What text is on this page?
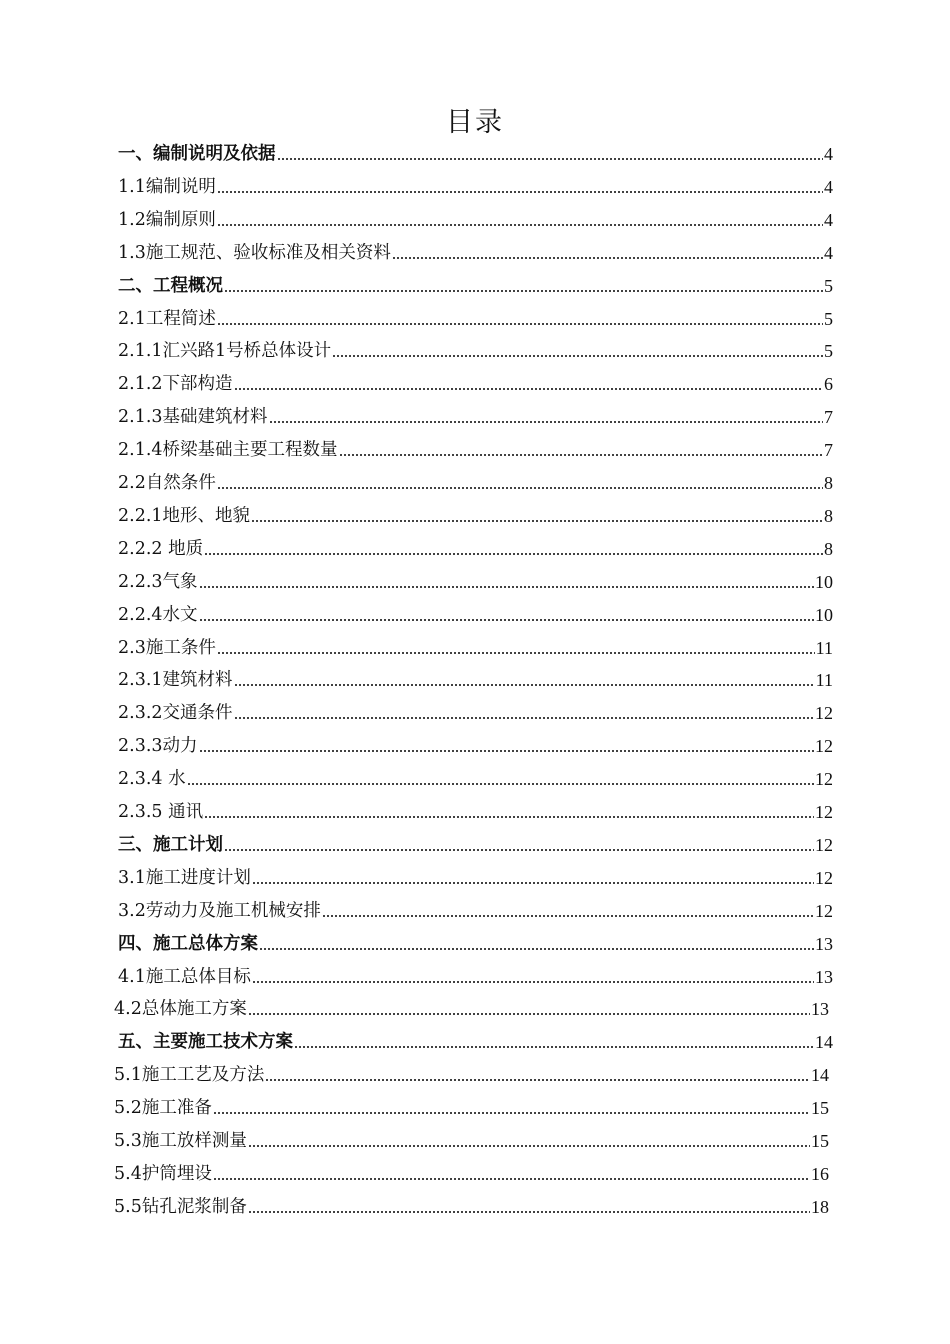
目录
一、编制说明及依据	4
1.1编制说明	4
1.2编制原则	4
1.3施工规范、验收标准及相关资料	4
二、工程概况	5
2.1工程简述	5
2.1.1汇兴路1号桥总体设计	5
2.1.2下部构造	6
2.1.3基础建筑材料	7
2.1.4桥梁基础主要工程数量	7
2.2自然条件	8
2.2.1地形、地貌	8
2.2.2 地质	8
2.2.3气象	10
2.2.4水文	10
2.3施工条件	11
2.3.1建筑材料	11
2.3.2交通条件	12
2.3.3动力	12
2.3.4 水	12
2.3.5 通讯	12
三、施工计划	12
3.1施工进度计划	12
3.2劳动力及施工机械安排	12
四、施工总体方案	13
4.1施工总体目标	13
4.2总体施工方案	13
五、主要施工技术方案	14
5.1施工工艺及方法	14
5.2施工准备	15
5.3施工放样测量	15
5.4护筒埋设	16
5.5钻孔泥浆制备	18
